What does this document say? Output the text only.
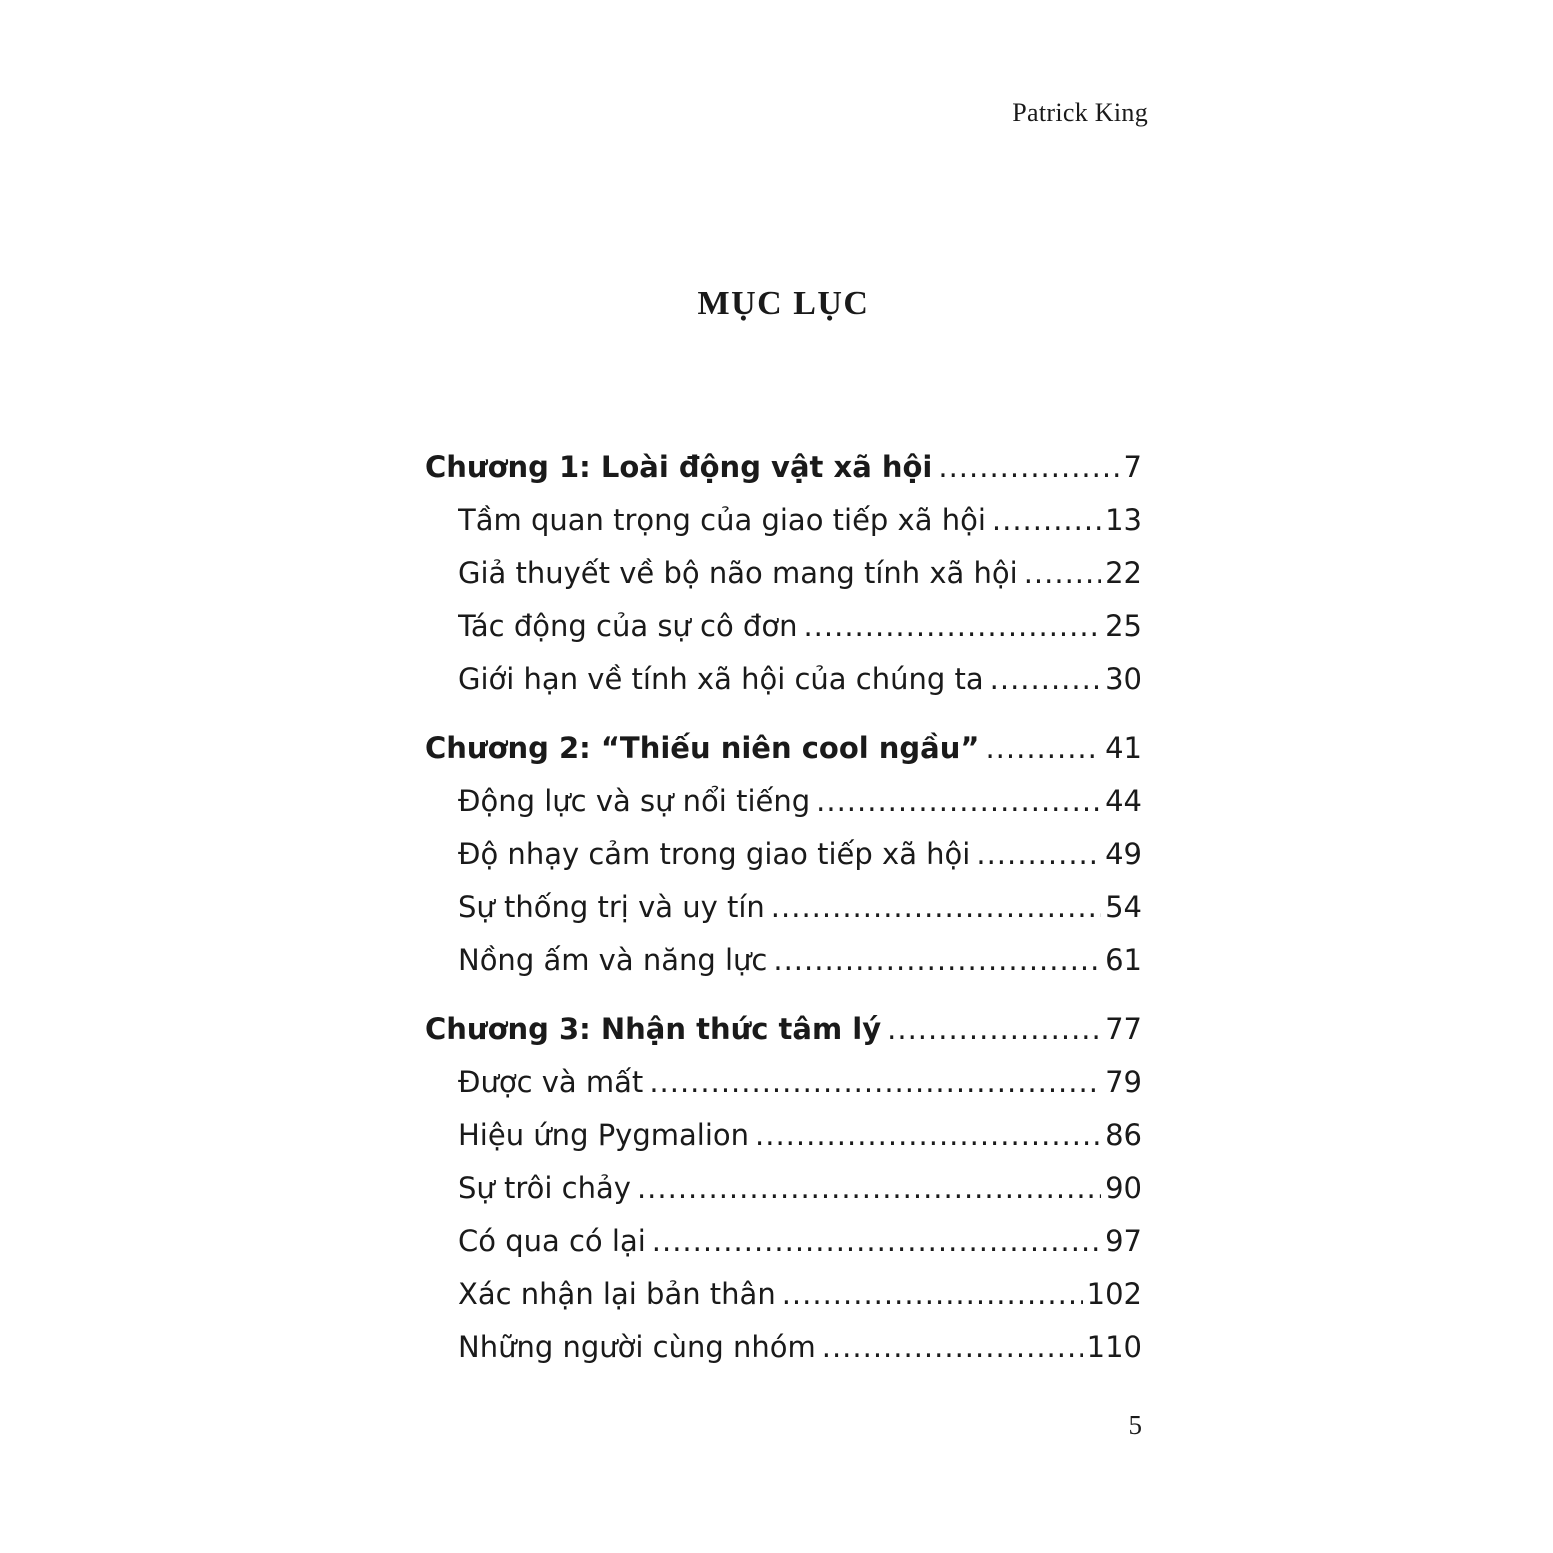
Patrick King
MỤC LỤC
Chương 1: Loài động vật xã hội .....	7
Tầm quan trọng của giao tiếp xã hội .....	13
Giả thuyết về bộ não mang tính xã hội .....	22
Tác động của sự cô đơn .....	25
Giới hạn về tính xã hội của chúng ta .....	30
Chương 2: “Thiếu niên cool ngầu” .....	41
Động lực và sự nổi tiếng .....	44
Độ nhạy cảm trong giao tiếp xã hội .....	49
Sự thống trị và uy tín .....	54
Nồng ấm và năng lực .....	61
Chương 3: Nhận thức tâm lý .....	77
Được và mất .....	79
Hiệu ứng Pygmalion .....	86
Sự trôi chảy .....	90
Có qua có lại .....	97
Xác nhận lại bản thân .....	102
Những người cùng nhóm .....	110
5
